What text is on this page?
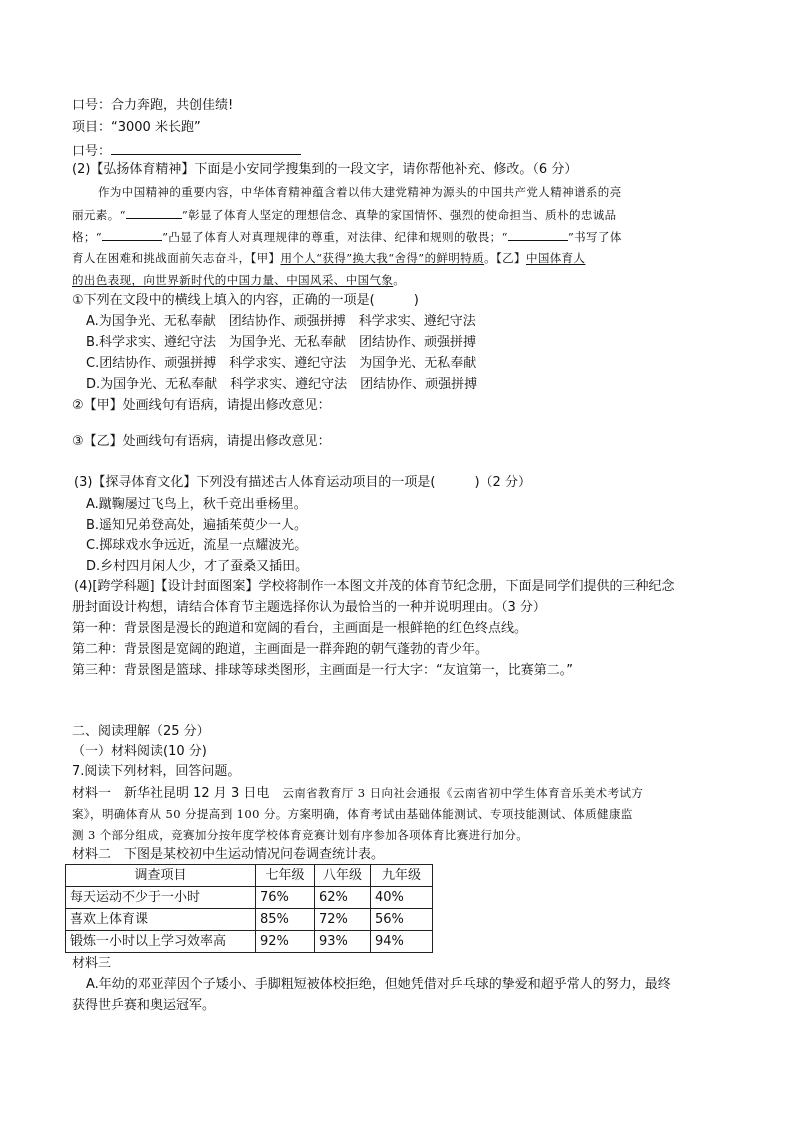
口号：合力奔跑，共创佳绩!
项目：“3000 米长跑”
口号：
(2)【弘扬体育精神】下面是小安同学搜集到的一段文字，请你帮他补充、修改。（6 分）
作为中国精神的重要内容，中华体育精神蕴含着以伟大建党精神为源头的中国共产党人精神谱系的亮
丽元素。“	”彰显了体育人坚定的理想信念、真挚的家国情怀、强烈的使命担当、质朴的忠诚品
格；“	”凸显了体育人对真理规律的尊重，对法律、纪律和规则的敬畏；“	”书写了体
育人在困难和挑战面前矢志奋斗，【甲】用个人“获得”换大我“舍得”的鲜明特质。【乙】中国体育人
的出色表现，向世界新时代的中国力量、中国风采、中国气象。
①下列在文段中的横线上填入的内容，正确的一项是(　　　)
A.为国争光、无私奉献　团结协作、顽强拼搏　科学求实、遵纪守法
B.科学求实、遵纪守法　为国争光、无私奉献　团结协作、顽强拼搏
C.团结协作、顽强拼搏　科学求实、遵纪守法　为国争光、无私奉献
D.为国争光、无私奉献　科学求实、遵纪守法　团结协作、顽强拼搏
②【甲】处画线句有语病，请提出修改意见：
③【乙】处画线句有语病，请提出修改意见：
(3)【探寻体育文化】下列没有描述古人体育运动项目的一项是(　　　)（2 分）
A.蹴鞠屡过飞鸟上，秋千竞出垂杨里。
B.遥知兄弟登高处，遍插茱萸少一人。
C.掷球戏水争远近，流星一点耀波光。
D.乡村四月闲人少，才了蚕桑又插田。
(4)[跨学科题]【设计封面图案】学校将制作一本图文并茂的体育节纪念册，下面是同学们提供的三种纪念
册封面设计构想，请结合体育节主题选择你认为最恰当的一种并说明理由。（3 分）
第一种：背景图是漫长的跑道和宽阔的看台，主画面是一根鲜艳的红色终点线。
第二种：背景图是宽阔的跑道，主画面是一群奔跑的朝气蓬勃的青少年。
第三种：背景图是篮球、排球等球类图形，主画面是一行大字：“友谊第一，比赛第二。”
二、阅读理解（25 分）
（一）材料阅读(10 分)
7.阅读下列材料，回答问题。
材料一　新华社昆明 12 月 3 日电　云南省教育厅 3 日向社会通报《云南省初中学生体育音乐美术考试方
案》，明确体育从 50 分提高到 100 分。方案明确，体育考试由基础体能测试、专项技能测试、体质健康监
测 3 个部分组成，竞赛加分按年度学校体育竞赛计划有序参加各项体育比赛进行加分。
材料二　下图是某校初中生运动情况问卷调查统计表。
调查项目	七年级	八年级	九年级
每天运动不少于一小时	76%	62%	40%
喜欢上体育课	85%	72%	56%
锻炼一小时以上学习效率高	92%	93%	94%
材料三
A.年幼的邓亚萍因个子矮小、手脚粗短被体校拒绝，但她凭借对乒乓球的挚爱和超乎常人的努力，最终
获得世乒赛和奥运冠军。
